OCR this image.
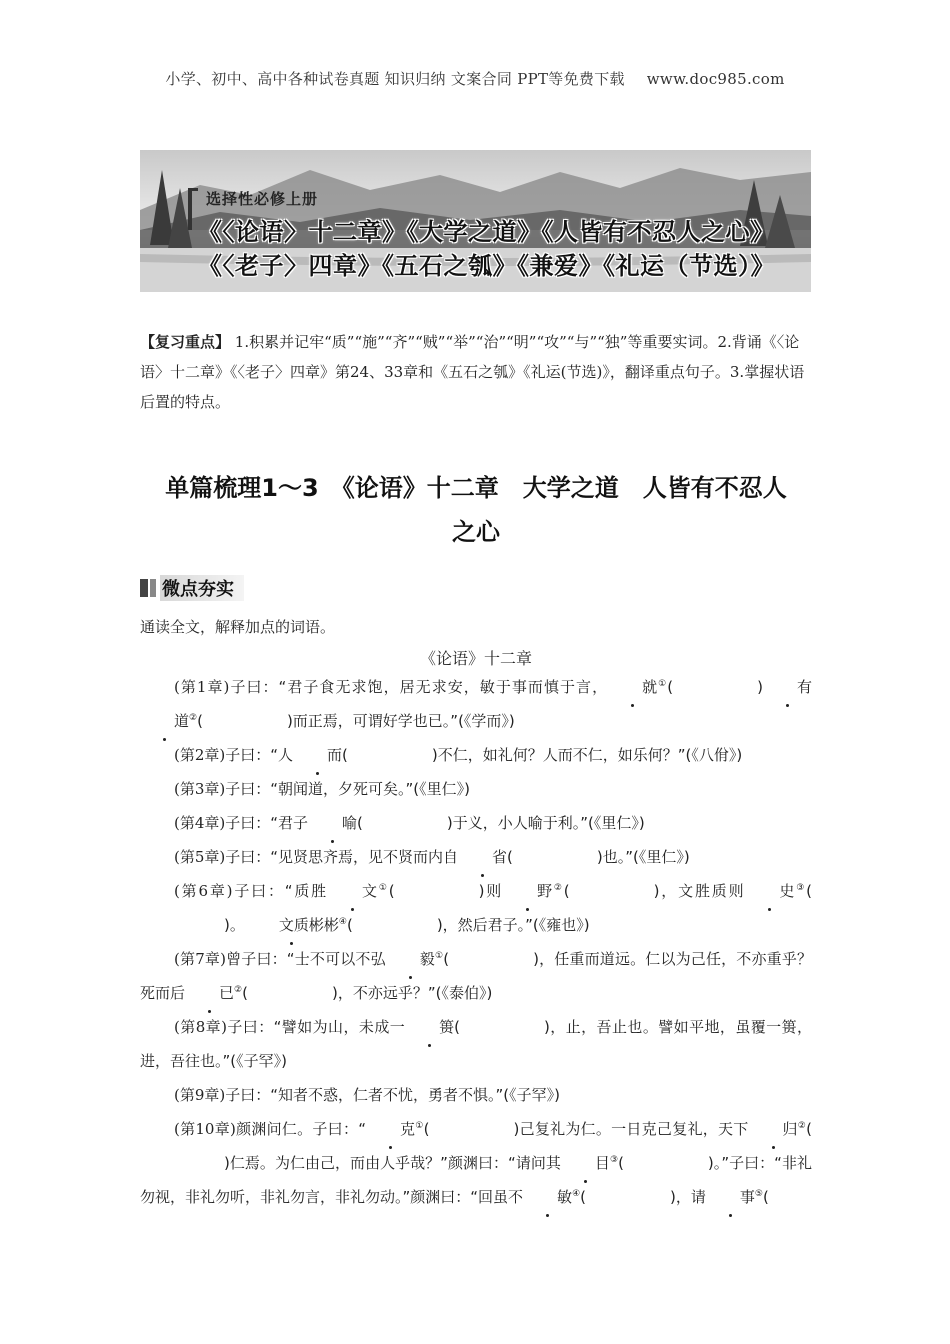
小学、初中、高中各种试卷真题 知识归纳 文案合同 PPT等免费下载 www.doc985.com
选择性必修上册
《〈论语〉十二章》《大学之道》《人皆有不忍人之心》
《〈老子〉四章》《五石之瓠》《兼爱》《礼运（节选）》
【复习重点】 1.积累并记牢“质”“施”“齐”“贼”“举”“治”“明”“攻”“与”“独”等重要实词。2.背诵《〈论语〉十二章》《〈老子〉四章》第24、33章和《五石之瓠》《礼运(节选)》，翻译重点句子。3.掌握状语后置的特点。
单篇梳理1～3　《论语》十二章　大学之道　人皆有不忍人
之心
微点夯实
通读全文，解释加点的词语。
《论语》十二章

(第1章)子曰：“君子食无求饱，居无求安，敏于事而慎于言， 就①(	) 有道②(	)而正焉，可谓好学也已。”(《学而》)

(第2章)子曰：“人 而(	)不仁，如礼何？人而不仁，如乐何？”(《八佾》)

(第3章)子曰：“朝闻道，夕死可矣。”(《里仁》)

(第4章)子曰：“君子 喻(	)于义，小人喻于利。”(《里仁》)

(第5章)子曰：“见贤思齐焉，见不贤而内自 省(	)也。”(《里仁》)

(第6章)子曰：“质胜 文①(	)则 野②(	)，文胜质则 史③()。 文质彬彬④(	)，然后君子。”(《雍也》)

(第7章)曾子曰：“士不可以不弘 毅①(	)，任重而道远。仁以为己任，不亦重乎？死而后 已②(	)，不亦远乎？”(《泰伯》)

(第8章)子曰：“譬如为山，未成一 篑(	)，止，吾止也。譬如平地，虽覆一篑，进，吾往也。”(《子罕》)

(第9章)子曰：“知者不惑，仁者不忧，勇者不惧。”(《子罕》)

(第10章)颜渊问仁。子曰：“ 克①(	)己复礼为仁。一日克己复礼，天下 归②()仁焉。为仁由己，而由人乎哉？”颜渊曰：“请问其 目③(	)。”子曰：“非礼勿视，非礼勿听，非礼勿言，非礼勿动。”颜渊曰：“回虽不 敏④(	)，请 事⑤(
